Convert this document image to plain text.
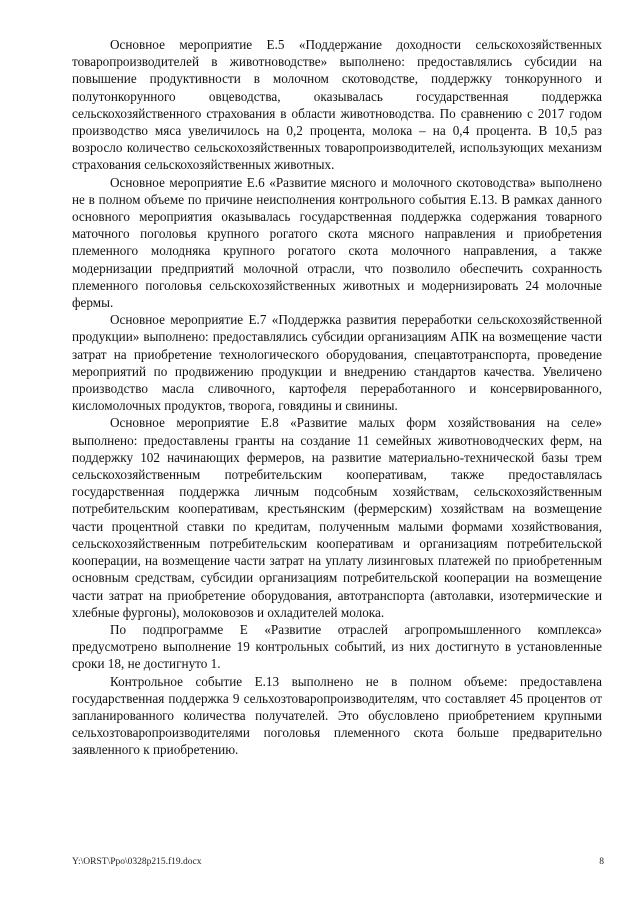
Основное мероприятие Е.5 «Поддержание доходности сельскохозяйственных товаропроизводителей в животноводстве» выполнено: предоставлялись субсидии на повышение продуктивности в молочном скотоводстве, поддержку тонкорунного и полутонкорунного овцеводства, оказывалась государственная поддержка сельскохозяйственного страхования в области животноводства. По сравнению с 2017 годом производство мяса увеличилось на 0,2 процента, молока – на 0,4 процента. В 10,5 раз возросло количество сельскохозяйственных товаропроизводителей, использующих механизм страхования сельскохозяйственных животных.

Основное мероприятие Е.6 «Развитие мясного и молочного скотоводства» выполнено не в полном объеме по причине неисполнения контрольного события Е.13. В рамках данного основного мероприятия оказывалась государственная поддержка содержания товарного маточного поголовья крупного рогатого скота мясного направления и приобретения племенного молодняка крупного рогатого скота молочного направления, а также модернизации предприятий молочной отрасли, что позволило обеспечить сохранность племенного поголовья сельскохозяйственных животных и модернизировать 24 молочные фермы.

Основное мероприятие Е.7 «Поддержка развития переработки сельскохозяйственной продукции» выполнено: предоставлялись субсидии организациям АПК на возмещение части затрат на приобретение технологического оборудования, спецавтотранспорта, проведение мероприятий по продвижению продукции и внедрению стандартов качества. Увеличено производство масла сливочного, картофеля переработанного и консервированного, кисломолочных продуктов, творога, говядины и свинины.

Основное мероприятие Е.8 «Развитие малых форм хозяйствования на селе» выполнено: предоставлены гранты на создание 11 семейных животноводческих ферм, на поддержку 102 начинающих фермеров, на развитие материально-технической базы трем сельскохозяйственным потребительским кооперативам, также предоставлялась государственная поддержка личным подсобным хозяйствам, сельскохозяйственным потребительским кооперативам, крестьянским (фермерским) хозяйствам на возмещение части процентной ставки по кредитам, полученным малыми формами хозяйствования, сельскохозяйственным потребительским кооперативам и организациям потребительской кооперации, на возмещение части затрат на уплату лизинговых платежей по приобретенным основным средствам, субсидии организациям потребительской кооперации на возмещение части затрат на приобретение оборудования, автотранспорта (автолавки, изотермические и хлебные фургоны), молоковозов и охладителей молока.

По подпрограмме Е «Развитие отраслей агропромышленного комплекса» предусмотрено выполнение 19 контрольных событий, из них достигнуто в установленные сроки 18, не достигнуто 1.

Контрольное событие Е.13 выполнено не в полном объеме: предоставлена государственная поддержка 9 сельхозтоваропроизводителям, что составляет 45 процентов от запланированного количества получателей. Это обусловлено приобретением крупными сельхозтоваропроизводителями поголовья племенного скота больше предварительно заявленного к приобретению.

Y:\ORST\Ppo\0328p215.f19.docx	8
